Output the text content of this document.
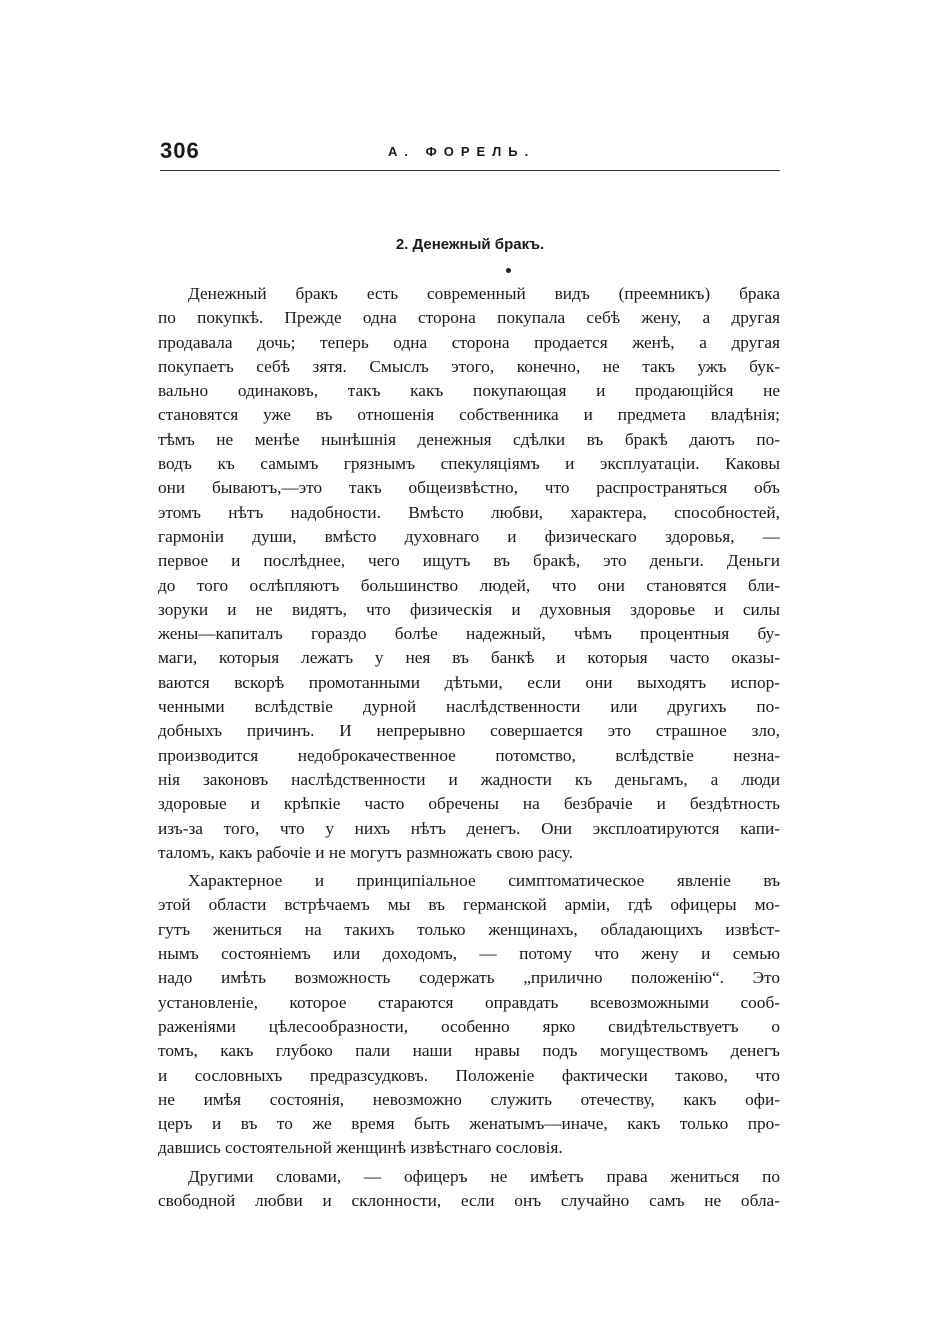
306	А. ФОРЕЛЬ.
2. Денежный бракъ.
Денежный бракъ есть современный видъ (преемникъ) брака
по покупкѣ. Прежде одна сторона покупала себѣ жену, а другая
продавала дочь; теперь одна сторона продается женѣ, а другая
покупаетъ себѣ зятя. Смыслъ этого, конечно, не такъ ужъ бук-
вально одинаковъ, такъ какъ покупающая и продающійся не
становятся уже въ отношенія собственника и предмета владѣнія;
тѣмъ не менѣе нынѣшнія денежныя сдѣлки въ бракѣ даютъ по-
водъ къ самымъ грязнымъ спекуляціямъ и эксплуатаціи. Каковы
они бываютъ,—это такъ общеизвѣстно, что распространяться объ
этомъ нѣтъ надобности. Вмѣсто любви, характера, способностей,
гармоніи души, вмѣсто духовнаго и физическаго здоровья, —
первое и послѣднее, чего ищутъ въ бракѣ, это деньги. Деньги
до того ослѣпляютъ большинство людей, что они становятся бли-
зоруки и не видятъ, что физическія и духовныя здоровье и силы
жены—капиталъ гораздо болѣе надежный, чѣмъ процентныя бу-
маги, которыя лежатъ у нея въ банкѣ и которыя часто оказы-
ваются вскорѣ промотанными дѣтьми, если они выходятъ испор-
ченными вслѣдствіе дурной наслѣдственности или другихъ по-
добныхъ причинъ. И непрерывно совершается это страшное зло,
производится недоброкачественное потомство, вслѣдствіе незна-
нія законовъ наслѣдственности и жадности къ деньгамъ, а люди
здоровые и крѣпкіе часто обречены на безбрачіе и бездѣтность
изъ-за того, что у нихъ нѣтъ денегъ. Они эксплоатируются капи-
таломъ, какъ рабочіе и не могутъ размножать свою расу.
Характерное и принципіальное симптоматическое явленіе въ
этой области встрѣчаемъ мы въ германской арміи, гдѣ офицеры мо-
гутъ жениться на такихъ только женщинахъ, обладающихъ извѣст-
нымъ состояніемъ или доходомъ, — потому что жену и семью
надо имѣть возможность содержать „прилично положенію“. Это
установленіе, которое стараются оправдать всевозможными сооб-
раженіями цѣлесообразности, особенно ярко свидѣтельствуетъ о
томъ, какъ глубоко пали наши нравы подъ могуществомъ денегъ
и сословныхъ предразсудковъ. Положеніе фактически таково, что
не имѣя состоянія, невозможно служить отечеству, какъ офи-
церъ и въ то же время быть женатымъ—иначе, какъ только про-
давшись состоятельной женщинѣ извѣстнаго сословія.
Другими словами, — офицеръ не имѣетъ права жениться по
свободной любви и склонности, если онъ случайно самъ не обла-
